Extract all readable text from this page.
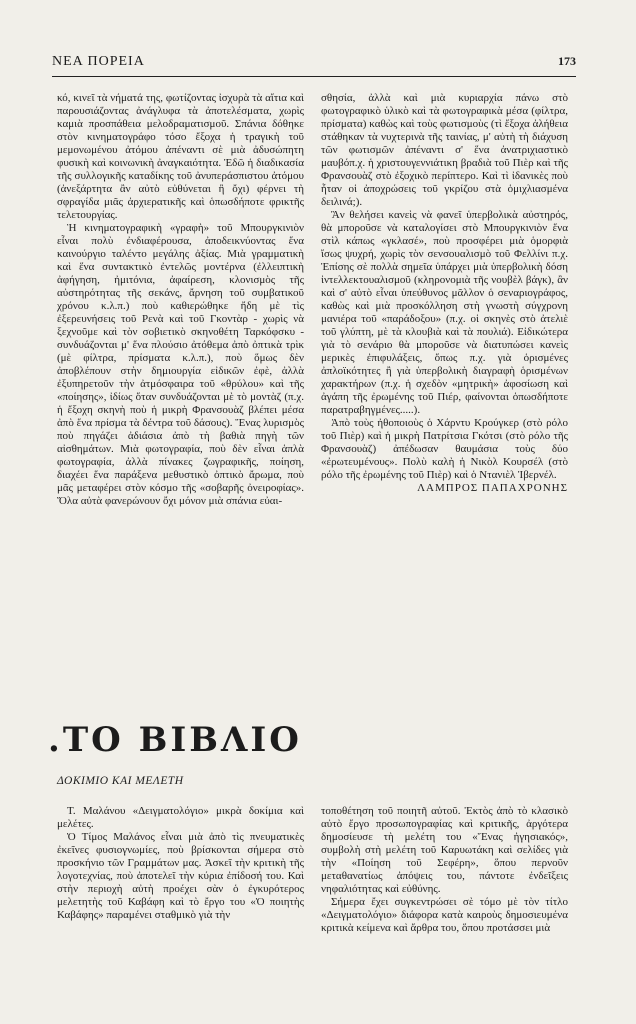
ΝΕΑ ΠΟΡΕΙΑ	173

κό, κινεῖ τὰ νήματά της, φωτίζοντας ἰσχυρὰ τὰ αἴτια καὶ παρουσιάζοντας ἀνάγλυφα τὰ ἀποτελέσματα, χωρὶς καμιὰ προσπάθεια μελοδραματισμοῦ. Σπάνια δόθηκε στὸν κινηματογράφο τόσο ἔξοχα ἡ τραγικὴ τοῦ μεμονωμένου ἀτόμου ἀπέναντι σὲ μιὰ ἀδυσώπητη φυσικὴ καὶ κοινωνικὴ ἀναγκαιότητα. Ἐδῶ ἡ διαδικασία τῆς συλλογικῆς καταδίκης τοῦ ἀνυπεράσπιστου ἀτόμου (ἀνεξάρτητα ἂν αὐτὸ εὐθύνεται ἢ ὄχι) φέρνει τὴ σφραγίδα μιᾶς ἀρχιερατικῆς καὶ ὁπωσδήποτε φρικτῆς τελετουργίας.

Ἡ κινηματογραφικὴ «γραφὴ» τοῦ Μπουργκινιὸν εἶναι πολὺ ἐνδιαφέρουσα, ἀποδεικνύοντας ἕνα καινούργιο ταλέντο μεγάλης ἀξίας. Μιὰ γραμματικὴ καὶ ἕνα συντακτικὸ ἐντελῶς μοντέρνα (ἐλλειπτικὴ ἀφήγηση, ἠμιτόνια, ἀφαίρεση, κλονισμὸς τῆς αὐστηρότητας τῆς σεκάνς, ἄρνηση τοῦ συμβατικοῦ χρόνου κ.λ.π.) ποὺ καθιερώθηκε ἤδη μὲ τὶς ἐξερευνήσεις τοῦ Ρενὰ καὶ τοῦ Γκοντὰρ - χωρὶς νὰ ξεχνοῦμε καὶ τὸν σοβιετικὸ σκηνοθέτη Ταρκόφσκυ - συνδυάζονται μ' ἕνα πλούσιο ἀτόθεμα ἀπὸ ὀπτικὰ τρὶκ (μὲ φίλτρα, πρίσματα κ.λ.π.), ποὺ ὅμως δὲν ἀποβλέπουν στὴν δημιουργία εἰδικῶν ἐφὲ, ἀλλὰ ἐξυπηρετοῦν τὴν ἀτμόσφαιρα τοῦ «θρύλου» καὶ τῆς «ποίησης», ἰδίως ὅταν συνδυάζονται μὲ τὸ μοντὰζ (π.χ. ἡ ἔξοχη σκηνὴ ποὺ ἡ μικρὴ Φρανσουὰζ βλέπει μέσα ἀπὸ ἕνα πρίσμα τὰ δέντρα τοῦ δάσους). Ἕνας λυρισμὸς ποὺ πηγάζει ἀδιάσια ἀπὸ τὴ βαθιὰ πηγὴ τῶν αἰσθημάτων. Μιὰ φωτογραφία, ποὺ δὲν εἶναι ἁπλὰ φωτογραφία, ἀλλὰ πίνακες ζωγραφικῆς, ποίηση, διαχέει ἕνα παράξενα μεθυστικὸ ὀπτικὸ ἄρωμα, ποὺ μᾶς μεταφέρει στὸν κόσμο τῆς «σοβαρῆς ὀνειροφίας». Ὅλα αὐτὰ φανερώνουν ὄχι μόνον μιὰ σπάνια εὐαι-

σθησία, ἀλλὰ καὶ μιὰ κυριαρχία πάνω στὸ φωτογραφικὸ ὑλικὸ καὶ τὰ φωτογραφικὰ μέσα (φίλτρα, πρίσματα) καθὼς καὶ τοὺς φωτισμοὺς (τὶ ἔξοχα ἀλήθεια στάθηκαν τὰ νυχτερινὰ τῆς ταινίας, μ' αὐτὴ τὴ διάχυση τῶν φωτισμῶν ἀπέναντι σ' ἕνα ἀνατριχιαστικὸ μαυβόπ.χ. ἡ χριστουγεννιάτικη βραδιὰ τοῦ Πιὲρ καὶ τῆς Φρανσουὰζ στὸ ἐξοχικὸ περίπτερο. Καὶ τὶ ἰδανικὲς ποὺ ἦταν οἱ ἀποχρώσεις τοῦ γκρίζου στὰ ὁμιχλιασμένα δειλινά;).

Ἂν θελήσει κανεὶς νὰ φανεῖ ὑπερβολικὰ αὐστηρός, θὰ μποροῦσε νὰ καταλογίσει στὸ Μπουργκινιὸν ἕνα στὶλ κάπως «γκλασέ», ποὺ προσφέρει μιὰ ὁμορφιὰ ἴσως ψυχρή, χωρὶς τὸν σενσουαλισμὸ τοῦ Φελλίνι π.χ. Ἐπίσης σὲ πολλὰ σημεῖα ὑπάρχει μιὰ ὑπερβολικὴ δόση ἰντελλεκτουαλισμοῦ (κληρονομιὰ τῆς νουβὲλ βάγκ), ἂν καὶ σ' αὐτὸ εἶναι ὑπεύθυνος μᾶλλον ὁ σεναριογράφος, καθὼς καὶ μιὰ προσκόλληση στὴ γνωστὴ σύγχρονη μανιέρα τοῦ «παράδοξου» (π.χ. οἱ σκηνὲς στὸ ἀτελιὲ τοῦ γλύπτη, μὲ τὰ κλουβιὰ καὶ τὰ πουλιά). Εἰδικώτερα γιὰ τὸ σενάριο θὰ μποροῦσε νὰ διατυπώσει κανεὶς μερικὲς ἐπιφυλάξεις, ὅπως π.χ. γιὰ ὁρισμένες ἀπλοϊκότητες ἢ γιὰ ὑπερβολικὴ διαγραφὴ ὁρισμένων χαρακτήρων (π.χ. ἡ σχεδὸν «μητρικὴ» ἀφοσίωση καὶ ἀγάπη τῆς ἐρωμένης τοῦ Πιέρ, φαίνονται ὁπωσδήποτε παρατραβηγμένες.....).

Ἀπὸ τοὺς ἠθοποιοὺς ὁ Χάρντυ Κρούγκερ (στὸ ρόλο τοῦ Πιὲρ) καὶ ἡ μικρὴ Πατρίτσια Γκότσι (στὸ ρόλο τῆς Φρανσουὰζ) ἀπέδωσαν θαυμάσια τοὺς δύο «ἐρωτευμένους». Πολὺ καλὴ ἡ Νικὸλ Κουρσέλ (στὸ ρόλο τῆς ἐρωμένης τοῦ Πιὲρ) καὶ ὁ Ντανιὲλ Ἰβερνέλ.

ΛΑΜΠΡΟΣ ΠΑΠΑΧΡΟΝΗΣ

.ΤΟ ΒΙΒΛΙΟ
ΔΟΚΙΜΙΟ ΚΑΙ ΜΕΛΕΤΗ

Τ. Μαλάνου «Δειγματολόγιο» μικρὰ δοκίμια καὶ μελέτες.

Ὁ Τίμος Μαλάνος εἶναι μιὰ ἀπὸ τὶς πνευματικὲς ἐκεῖνες φυσιογνωμίες, ποὺ βρίσκονται σήμερα στὸ προσκήνιο τῶν Γραμμάτων μας. Ἀσκεῖ τὴν κριτικὴ τῆς λογοτεχνίας, ποὺ ἀποτελεῖ τὴν κύρια ἐπίδοσή του. Καὶ στὴν περιοχὴ αὐτὴ προέχει σὰν ὁ ἐγκυρότερος μελετητὴς τοῦ Καβάφη καὶ τὸ ἔργο του «Ὁ ποιητὴς Καβάφης» παραμένει σταθμικὸ γιὰ τὴν

τοποθέτηση τοῦ ποιητῆ αὐτοῦ. Ἐκτὸς ἀπὸ τὸ κλασικὸ αὐτὸ ἔργο προσωπογραφίας καὶ κριτικῆς, ἀργότερα δημοσίευσε τὴ μελέτη του «Ἕνας ἠγησιακός», συμβολὴ στὴ μελέτη τοῦ Καρυωτάκη καὶ σελίδες γιὰ τὴν «Ποίηση τοῦ Σεφέρη», ὅπου περνοῦν μεταθανατίως ἀπόψεις του, πάντοτε ἐνδεῖξεις νηφαλιότητας καὶ εὐθύνης.

Σήμερα ἔχει συγκεντρώσει σὲ τόμο μὲ τὸν τίτλο «Δειγματολόγιο» διάφορα κατὰ καιροὺς δημοσιευμένα κριτικὰ κείμενα καὶ ἄρθρα του, ὅπου προτάσσει μιὰ
